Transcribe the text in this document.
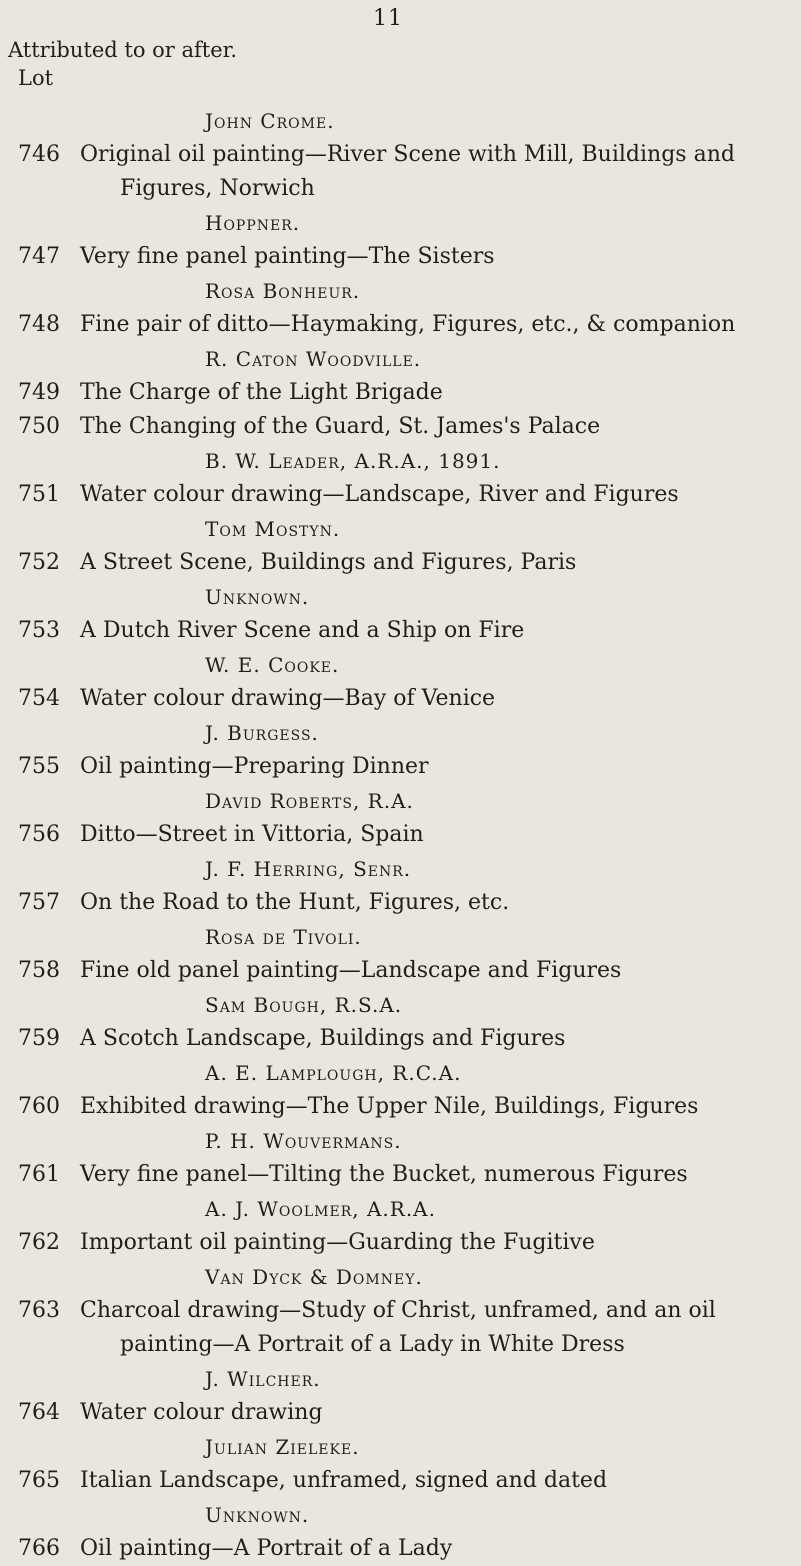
11
Attributed to or after.
Lot
John Crome.
746 Original oil painting—River Scene with Mill, Buildings and
Figures, Norwich
Hoppner.
747 Very fine panel painting—The Sisters
Rosa Bonheur.
748 Fine pair of ditto—Haymaking, Figures, etc., & companion
R. Caton Woodville.
749 The Charge of the Light Brigade
750 The Changing of the Guard, St. James's Palace
B. W. Leader, A.R.A., 1891.
751 Water colour drawing—Landscape, River and Figures
Tom Mostyn.
752 A Street Scene, Buildings and Figures, Paris
Unknown.
753 A Dutch River Scene and a Ship on Fire
W. E. Cooke.
754 Water colour drawing—Bay of Venice
J. Burgess.
755 Oil painting—Preparing Dinner
David Roberts, R.A.
756 Ditto—Street in Vittoria, Spain
J. F. Herring, Senr.
757 On the Road to the Hunt, Figures, etc.
Rosa de Tivoli.
758 Fine old panel painting—Landscape and Figures
Sam Bough, R.S.A.
759 A Scotch Landscape, Buildings and Figures
A. E. Lamplough, R.C.A.
760 Exhibited drawing—The Upper Nile, Buildings, Figures
P. H. Wouvermans.
761 Very fine panel—Tilting the Bucket, numerous Figures
A. J. Woolmer, A.R.A.
762 Important oil painting—Guarding the Fugitive
Van Dyck & Domney.
763 Charcoal drawing—Study of Christ, unframed, and an oil
painting—A Portrait of a Lady in White Dress
J. Wilcher.
764 Water colour drawing
Julian Zieleke.
765 Italian Landscape, unframed, signed and dated
Unknown.
766 Oil painting—A Portrait of a Lady
